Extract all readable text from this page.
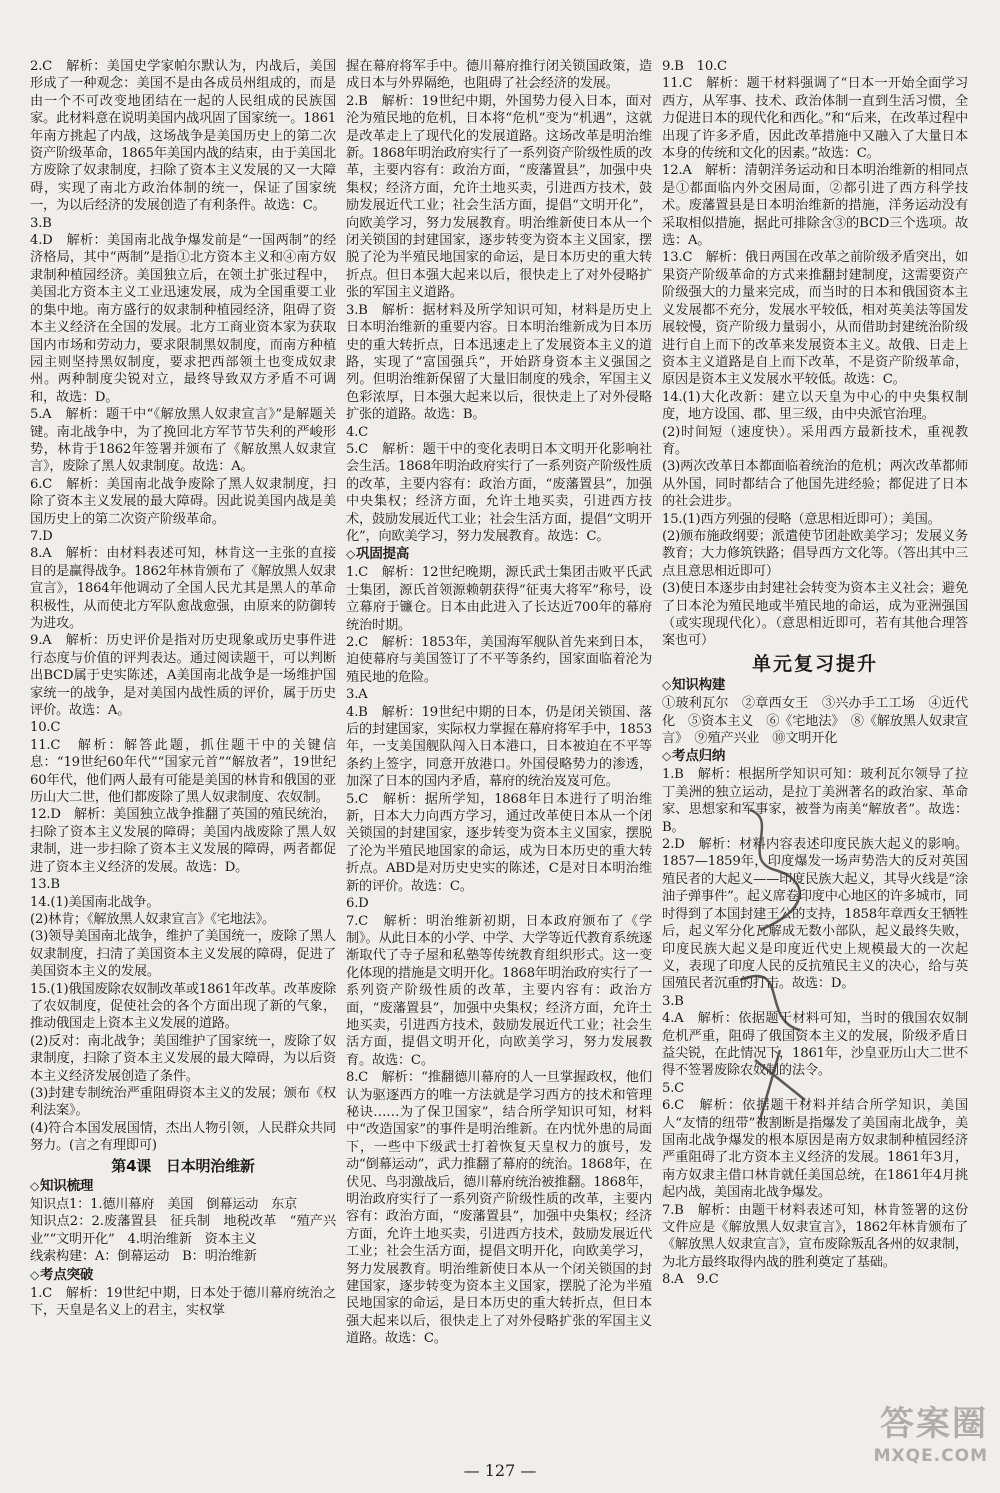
2.C　解析：美国史学家帕尔默认为，内战后，美国形成了一种观念：美国不是由各成员州组成的，而是由一个不可改变地团结在一起的人民组成的民族国家。此材料意在说明美国内战巩固了国家统一。1861年南方挑起了内战，这场战争是美国历史上的第二次资产阶级革命，1865年美国内战的结束，由于美国北方废除了奴隶制度，扫除了资本主义发展的又一大障碍，实现了南北方政治体制的统一，保证了国家统一，为以后经济的发展创造了有利条件。故选：C。

3.B

4.D　解析：美国南北战争爆发前是“一国两制”的经济格局，其中“两制”是指①北方资本主义和④南方奴隶制种植园经济。美国独立后，在领土扩张过程中，美国北方资本主义工业迅速发展，成为全国重要工业的集中地。南方盛行的奴隶制种植园经济，阻碍了资本主义经济在全国的发展。北方工商业资本家为获取国内市场和劳动力，要求限制黑奴制度，而南方种植园主则坚持黑奴制度，要求把西部领土也变成奴隶州。两种制度尖锐对立，最终导致双方矛盾不可调和，故选：D。

5.A　解析：题干中“《解放黑人奴隶宣言》”是解题关键。南北战争中，为了挽回北方军节节失利的严峻形势，林肯于1862年签署并颁布了《解放黑人奴隶宣言》，废除了黑人奴隶制度。故选：A。

6.C　解析：美国南北战争废除了黑人奴隶制度，扫除了资本主义发展的最大障碍。因此说美国内战是美国历史上的第二次资产阶级革命。

7.D

8.A　解析：由材料表述可知，林肯这一主张的直接目的是赢得战争。1862年林肯颁布了《解放黑人奴隶宣言》，1864年他调动了全国人民尤其是黑人的革命积极性，从而使北方军队愈战愈强，由原来的防御转为进攻。

9.A　解析：历史评价是指对历史现象或历史事件进行态度与价值的评判表达。通过阅读题干，可以判断出BCD属于史实陈述，A美国南北战争是一场维护国家统一的战争，是对美国内战性质的评价，属于历史评价。故选：A。

10.C

11.C　解析：解答此题，抓住题干中的关键信息：“19世纪60年代”“国家元首”“解放者”，19世纪60年代，他们两人最有可能是美国的林肯和俄国的亚历山大二世，他们都废除了黑人奴隶制度、农奴制。

12.D　解析：美国独立战争推翻了英国的殖民统治，扫除了资本主义发展的障碍；美国内战废除了黑人奴隶制，进一步扫除了资本主义发展的障碍，两者都促进了资本主义经济的发展。故选：D。

13.B

14.(1)美国南北战争。

(2)林肯；《解放黑人奴隶宣言》《宅地法》。

(3)领导美国南北战争，维护了美国统一，废除了黑人奴隶制度，扫清了美国资本主义发展的障碍，促进了美国资本主义的发展。

15.(1)俄国废除农奴制改革或1861年改革。改革废除了农奴制度，促使社会的各个方面出现了新的气象，推动俄国走上资本主义发展的道路。

(2)反对：南北战争；美国维护了国家统一，废除了奴隶制度，扫除了资本主义发展的最大障碍，为以后资本主义经济发展创造了条件。

(3)封建专制统治严重阻碍资本主义的发展；颁布《权利法案》。

(4)符合本国发展国情，杰出人物引领，人民群众共同努力。(言之有理即可)

第4课　日本明治维新
◇ 知识梳理

知识点1：1.德川幕府　美国　倒幕运动　东京

知识点2：2.废藩置县　征兵制　地税改革　“殖产兴业”“文明开化”　4.明治维新　资本主义

线索构建：A：倒幕运动　B：明治维新

◇ 考点突破

1.C　解析：19世纪中期，日本处于德川幕府统治之下，天皇是名义上的君主，实权掌

握在幕府将军手中。德川幕府推行闭关锁国政策，造成日本与外界隔绝，也阻碍了社会经济的发展。

2.B　解析：19世纪中期，外国势力侵入日本，面对沦为殖民地的危机，日本将“危机”变为“机遇”，这就是改革走上了现代化的发展道路。这场改革是明治维新。1868年明治政府实行了一系列资产阶级性质的改革，主要内容有：政治方面，“废藩置县”，加强中央集权；经济方面，允许土地买卖，引进西方技术，鼓励发展近代工业；社会生活方面，提倡“文明开化”，向欧美学习，努力发展教育。明治维新使日本从一个闭关锁国的封建国家，逐步转变为资本主义国家，摆脱了沦为半殖民地国家的命运，是日本历史的重大转折点。但日本强大起来以后，很快走上了对外侵略扩张的军国主义道路。

3.B　解析：据材料及所学知识可知，材料是历史上日本明治维新的重要内容。日本明治维新成为日本历史的重大转折点，日本迅速走上了发展资本主义的道路，实现了“富国强兵”，开始跻身资本主义强国之列。但明治维新保留了大量旧制度的残余，军国主义色彩浓厚，日本强大起来以后，很快走上了对外侵略扩张的道路。故选：B。

4.C

5.C　解析：题干中的变化表明日本文明开化影响社会生活。1868年明治政府实行了一系列资产阶级性质的改革，主要内容有：政治方面，“废藩置县”，加强中央集权；经济方面，允许土地买卖，引进西方技术，鼓励发展近代工业；社会生活方面，提倡“文明开化”，向欧美学习，努力发展教育。故选：C。

◇ 巩固提高

1.C　解析：12世纪晚期，源氏武士集团击败平氏武士集团，源氏首领源赖朝获得“征夷大将军”称号，设立幕府于镰仓。日本由此进入了长达近700年的幕府统治时期。

2.C　解析：1853年，美国海军舰队首先来到日本，迫使幕府与美国签订了不平等条约，国家面临着沦为殖民地的危险。

3.A

4.B　解析：19世纪中期的日本，仍是闭关锁国、落后的封建国家，实际权力掌握在幕府将军手中，1853年，一支美国舰队闯入日本港口，日本被迫在不平等条约上签字，同意开放港口。外国侵略势力的渗透，加深了日本的国内矛盾，幕府的统治岌岌可危。

5.C　解析：据所学知，1868年日本进行了明治维新，日本大力向西方学习，通过改革使日本从一个闭关锁国的封建国家，逐步转变为资本主义国家，摆脱了沦为半殖民地国家的命运，成为日本历史的重大转折点。ABD是对历史史实的陈述，C是对日本明治维新的评价。故选：C。

6.D

7.C　解析：明治维新初期，日本政府颁布了《学制》。从此日本的小学、中学、大学等近代教育系统逐渐取代了寺子屋和私塾等传统教育组织形式。这一变化体现的措施是文明开化。1868年明治政府实行了一系列资产阶级性质的改革，主要内容有：政治方面，“废藩置县”，加强中央集权；经济方面，允许土地买卖，引进西方技术，鼓励发展近代工业；社会生活方面，提倡文明开化，向欧美学习，努力发展教育。故选：C。

8.C　解析：“推翻德川幕府的人一旦掌握政权，他们认为驱逐西方的唯一方法就是学习西方的技术和管理秘诀……为了保卫国家”，结合所学知识可知，材料中“改造国家”的事件是明治维新。在内忧外患的局面下，一些中下级武士打着恢复天皇权力的旗号，发动“倒幕运动”，武力推翻了幕府的统治。1868年，在伏见、鸟羽激战后，德川幕府统治被推翻。1868年，明治政府实行了一系列资产阶级性质的改革，主要内容有：政治方面，“废藩置县”，加强中央集权；经济方面，允许土地买卖，引进西方技术，鼓励发展近代工业；社会生活方面，提倡文明开化，向欧美学习，努力发展教育。明治维新使日本从一个闭关锁国的封建国家，逐步转变为资本主义国家，摆脱了沦为半殖民地国家的命运，是日本历史的重大转折点，但日本强大起来以后，很快走上了对外侵略扩张的军国主义道路。故选：C。

9.B　10.C

11.C　解析：题干材料强调了“日本一开始全面学习西方，从军事、技术、政治体制一直到生活习惯，全力促进日本的现代化和西化。”和“后来，在改革过程中出现了许多矛盾，因此改革措施中又融入了大量日本本身的传统和文化的因素。”故选：C。

12.A　解析：清朝洋务运动和日本明治维新的相同点是①都面临内外交困局面，②都引进了西方科学技术。废藩置县是日本明治维新的措施，洋务运动没有采取相似措施，据此可排除含③的BCD三个选项。故选：A。

13.C　解析：俄日两国在改革之前阶级矛盾突出，如果资产阶级革命的方式来推翻封建制度，这需要资产阶级强大的力量来完成，而当时的日本和俄国资本主义发展都不充分，发展水平较低，相对英美法等国发展较慢，资产阶级力量弱小，从而借助封建统治阶级进行自上而下的改革来发展资本主义。故俄、日走上资本主义道路是自上而下改革，不是资产阶级革命，原因是资本主义发展水平较低。故选：C。

14.(1)大化改新：建立以天皇为中心的中央集权制度，地方设国、郡、里三级，由中央派官治理。

(2)时间短（速度快）。采用西方最新技术，重视教育。

(3)两次改革日本都面临着统治的危机；两次改革都师从外国，同时都结合了他国先进经验；都促进了日本的社会进步。

15.(1)西方列强的侵略（意思相近即可）；美国。

(2)颁布施政纲要；派遣使节团赴欧美学习；发展义务教育；大力修筑铁路；倡导西方文化等。（答出其中三点且意思相近即可）

(3)使日本逐步由封建社会转变为资本主义社会；避免了日本沦为殖民地或半殖民地的命运，成为亚洲强国（或实现现代化）。（意思相近即可，若有其他合理答案也可）

单元复习提升
◇ 知识构建

①玻利瓦尔　②章西女王　③兴办手工工场　④近代化　⑤资本主义　⑥《宅地法》　⑧《解放黑人奴隶宣言》　⑨殖产兴业　⑩文明开化

◇ 考点归纳

1.B　解析：根据所学知识可知：玻利瓦尔领导了拉丁美洲的独立运动，是拉丁美洲著名的政治家、革命家、思想家和军事家，被誉为南美“解放者”。故选：B。

2.D　解析：材料内容表述印度民族大起义的影响。1857—1859年，印度爆发一场声势浩大的反对英国殖民者的大起义——印度民族大起义，其导火线是“涂油子弹事件”。起义席卷印度中心地区的许多城市，同时得到了本国封建王公的支持，1858年章西女王牺牲后，起义军分化瓦解成无数小部队，起义最终失败，印度民族大起义是印度近代史上规模最大的一次起义，表现了印度人民的反抗殖民主义的决心，给与英国殖民者沉重的打击。故选：D。

3.B

4.A　解析：依据题干材料可知，当时的俄国农奴制危机严重，阻碍了俄国资本主义的发展，阶级矛盾日益尖锐，在此情况下，1861年，沙皇亚历山大二世不得不签署废除农奴制的法令。

5.C

6.C　解析：依据题干材料并结合所学知识，美国人“友情的纽带”被割断是指爆发了美国南北战争，美国南北战争爆发的根本原因是南方奴隶制种植园经济严重阻碍了北方资本主义经济的发展。1861年3月，南方奴隶主借口林肯就任美国总统，在1861年4月挑起内战，美国南北战争爆发。

7.B　解析：由题干材料表述可知，林肯签署的这份文件应是《解放黑人奴隶宣言》，1862年林肯颁布了《解放黑人奴隶宣言》，宣布废除叛乱各州的奴隶制，为北方最终取得内战的胜利奠定了基础。

8.A　9.C

— 127 —
答案圈
MXQE.COM
